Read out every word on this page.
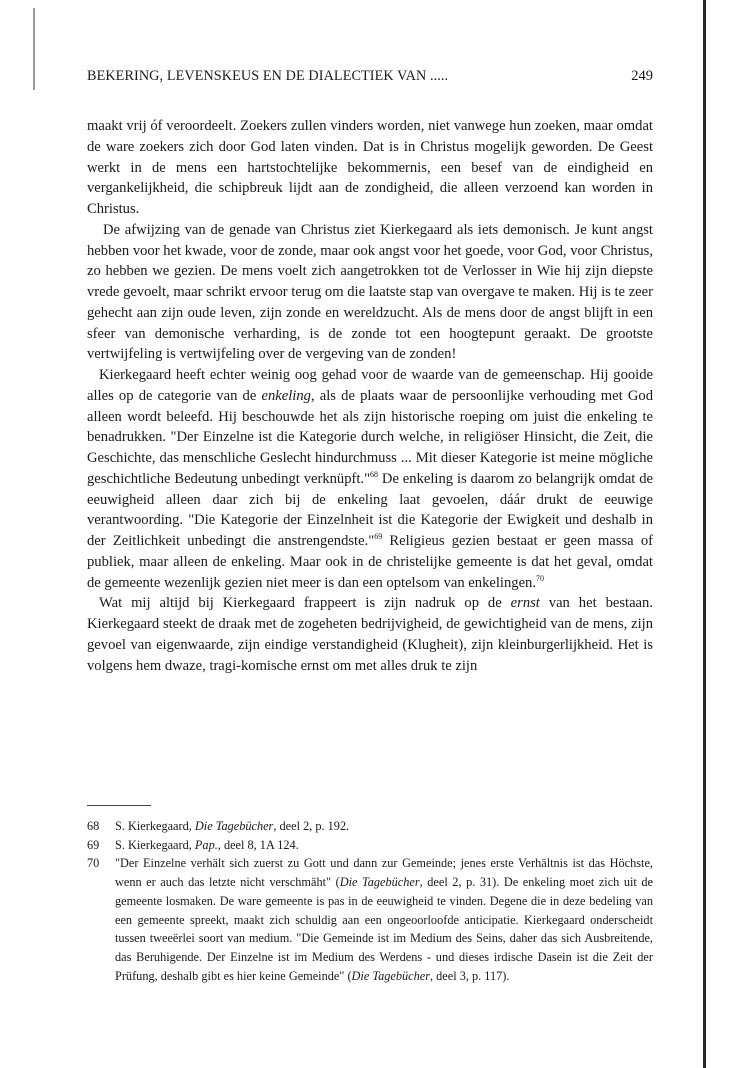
BEKERING, LEVENSKEUS EN DE DIALECTIEK VAN .....	249

maakt vrij óf veroordeelt. Zoekers zullen vinders worden, niet vanwege hun zoeken, maar omdat de ware zoekers zich door God laten vinden. Dat is in Christus mogelijk geworden. De Geest werkt in de mens een hartstochtelijke bekommernis, een besef van de eindigheid en vergankelijkheid, die schipbreuk lijdt aan de zondigheid, die alleen verzoend kan worden in Christus.

De afwijzing van de genade van Christus ziet Kierkegaard als iets demonisch. Je kunt angst hebben voor het kwade, voor de zonde, maar ook angst voor het goede, voor God, voor Christus, zo hebben we gezien. De mens voelt zich aangetrokken tot de Verlosser in Wie hij zijn diepste vrede gevoelt, maar schrikt ervoor terug om die laatste stap van overgave te maken. Hij is te zeer gehecht aan zijn oude leven, zijn zonde en wereldzucht. Als de mens door de angst blijft in een sfeer van demonische verharding, is de zonde tot een hoogtepunt geraakt. De grootste vertwijfeling is vertwijfeling over de vergeving van de zonden!

Kierkegaard heeft echter weinig oog gehad voor de waarde van de gemeenschap. Hij gooide alles op de categorie van de enkeling, als de plaats waar de persoonlijke verhouding met God alleen wordt beleefd. Hij beschouwde het als zijn historische roeping om juist die enkeling te benadrukken. "Der Einzelne ist die Kategorie durch welche, in religiöser Hinsicht, die Zeit, die Geschichte, das menschliche Geslecht hindurchmuss ... Mit dieser Kategorie ist meine mögliche geschichtliche Bedeutung unbedingt verknüpft."$^{68}$ De enkeling is daarom zo belangrijk omdat de eeuwigheid alleen daar zich bij de enkeling laat gevoelen, dáár drukt de eeuwige verantwoording. "Die Kategorie der Einzelnheit ist die Kategorie der Ewigkeit und deshalb in der Zeitlichkeit unbedingt die anstrengendste."$^{69}$ Religieus gezien bestaat er geen massa of publiek, maar alleen de enkeling. Maar ook in de christelijke gemeente is dat het geval, omdat de gemeente wezenlijk gezien niet meer is dan een optelsom van enkelingen.$^{70}$

Wat mij altijd bij Kierkegaard frappeert is zijn nadruk op de ernst van het bestaan. Kierkegaard steekt de draak met de zogeheten bedrijvigheid, de gewichtigheid van de mens, zijn gevoel van eigenwaarde, zijn eindige verstandigheid (Klugheit), zijn kleinburgerlijkheid. Het is volgens hem dwaze, tragi-komische ernst om met alles druk te zijn

68 S. Kierkegaard, Die Tagebücher, deel 2, p. 192.
69 S. Kierkegaard, Pap., deel 8, 1A 124.
70 "Der Einzelne verhält sich zuerst zu Gott und dann zur Gemeinde; jenes erste Verhältnis ist das Höchste, wenn er auch das letzte nicht verschmäht" (Die Tagebücher, deel 2, p. 31). De enkeling moet zich uit de gemeente losmaken. De ware gemeente is pas in de eeuwigheid te vinden. Degene die in deze bedeling van een gemeente spreekt, maakt zich schuldig aan een ongeoorloofde anticipatie. Kierkegaard onderscheidt tussen tweeërlei soort van medium. "Die Gemeinde ist im Medium des Seins, daher das sich Ausbreitende, das Beruhigende. Der Einzelne ist im Medium des Werdens - und dieses irdische Dasein ist die Zeit der Prüfung, deshalb gibt es hier keine Gemeinde" (Die Tagebücher, deel 3, p. 117).
